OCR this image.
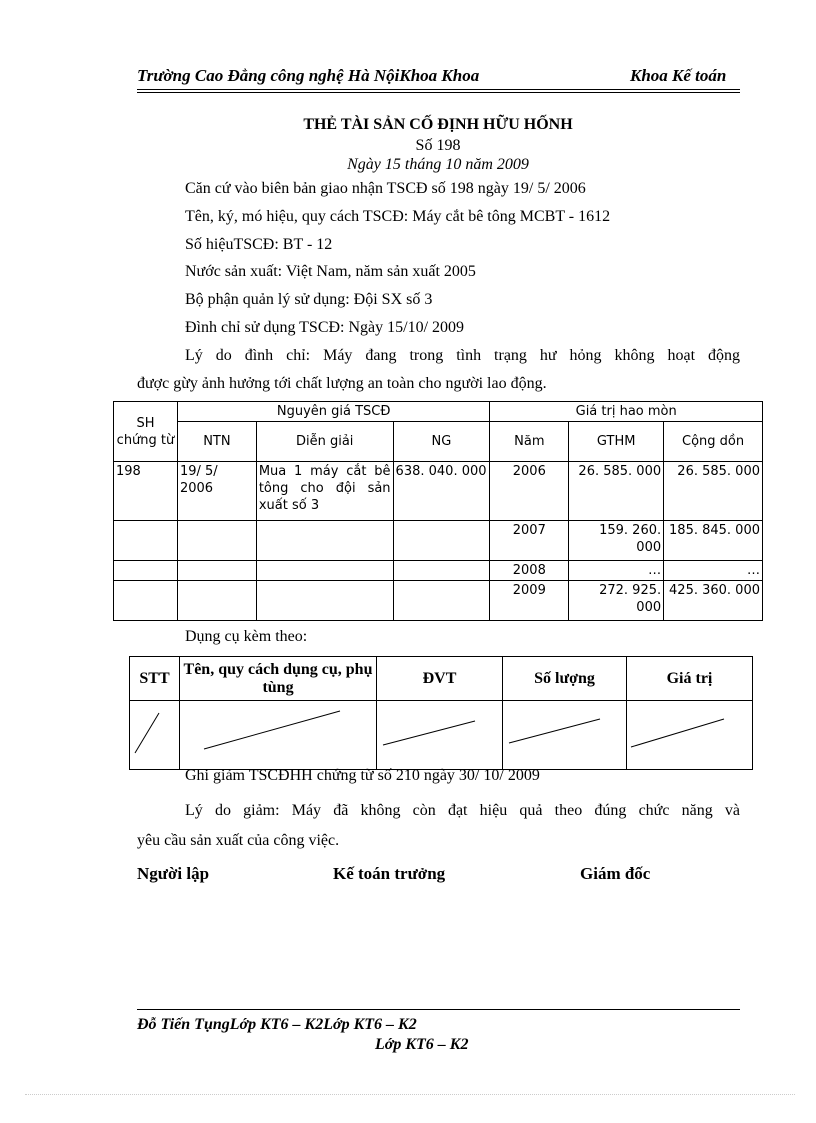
Trường Cao Đẳng công nghệ Hà NộiKhoa Khoa	Khoa Kế toán
THẺ TÀI SẢN CỐ ĐỊNH HỮU HỐNH
Số 198
Ngày 15 tháng 10 năm 2009
Căn cứ vào biên bản giao nhận TSCĐ số 198 ngày 19/ 5/ 2006
Tên, ký, mó hiệu, quy cách TSCĐ: Máy cắt bê tông MCBT - 1612
Số hiệuTSCĐ: BT - 12
Nước sản xuất: Việt Nam, năm sản xuất 2005
Bộ phận quản lý sử dụng: Đội SX số 3
Đình chỉ sử dụng TSCĐ: Ngày 15/10/ 2009
Lý do đình chỉ: Máy đang trong tình trạng hư hỏng không hoạt động
được gừy ảnh hưởng tới chất lượng an toàn cho người lao động.
SH chứng từ	Nguyên giá TSCĐ			Giá trị hao mòn		
	NTN	Diễn giải	NG	Năm	GTHM	Cộng dồn
198	19/ 5/ 2006	Mua 1 máy cắt bê tông cho đội sản xuất số 3	638. 040. 000	2006	26. 585. 000	26. 585. 000
				2007	159. 260. 000	185. 845. 000
				2008	…	…
				2009	272. 925. 000	425. 360. 000
Dụng cụ kèm theo:
STT	Tên, quy cách dụng cụ, phụ tùng	ĐVT	Số lượng	Giá trị

Ghi giảm TSCĐHH chứng từ số 210 ngày 30/ 10/ 2009
Lý do giảm: Máy đã không còn đạt hiệu quả theo đúng chức năng và
yêu cầu sản xuất của công việc.
Người lập	Kế toán trưởng	Giám đốc
Đỗ Tiến TụngLớp KT6 – K2Lớp KT6 – K2
Lớp KT6 – K2
